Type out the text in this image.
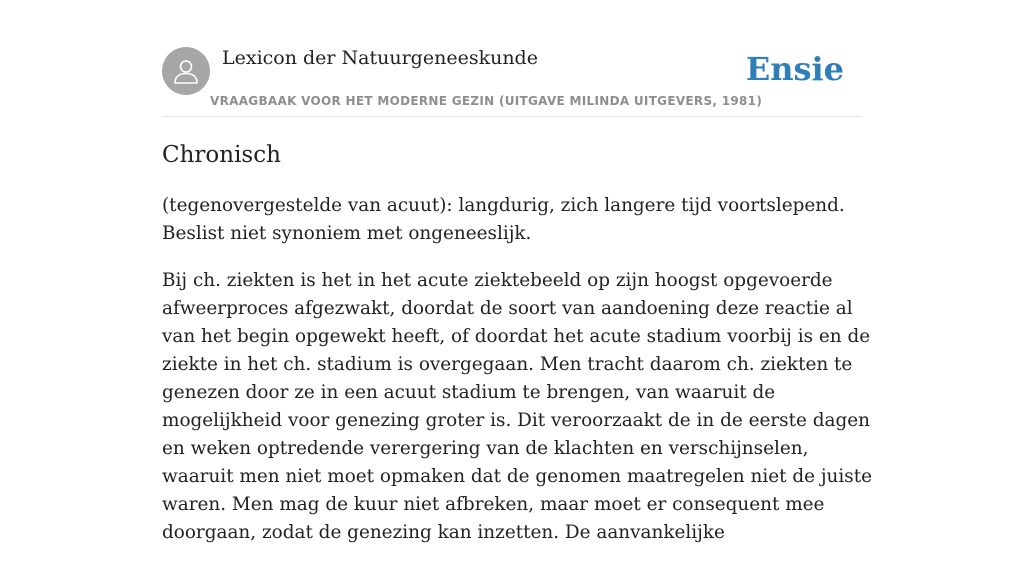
Lexicon der Natuurgeneeskunde
VRAAGBAAK VOOR HET MODERNE GEZIN (UITGAVE MILINDA UITGEVERS, 1981)
Ensie
Chronisch

(tegenovergestelde van acuut): langdurig, zich langere tijd voortslepend. Beslist niet synoniem met ongeneeslijk.

Bij ch. ziekten is het in het acute ziektebeeld op zijn hoogst opgevoerde afweerproces afgezwakt, doordat de soort van aandoening deze reactie al van het begin opgewekt heeft, of doordat het acute stadium voorbij is en de ziekte in het ch. stadium is overgegaan. Men tracht daarom ch. ziekten te genezen door ze in een acuut stadium te brengen, van waaruit de mogelijkheid voor genezing groter is. Dit veroorzaakt de in de eerste dagen en weken optredende verergering van de klachten en verschijnselen, waaruit men niet moet opmaken dat de genomen maatregelen niet de juiste waren. Men mag de kuur niet afbreken, maar moet er consequent mee doorgaan, zodat de genezing kan inzetten. De aanvankelijke
